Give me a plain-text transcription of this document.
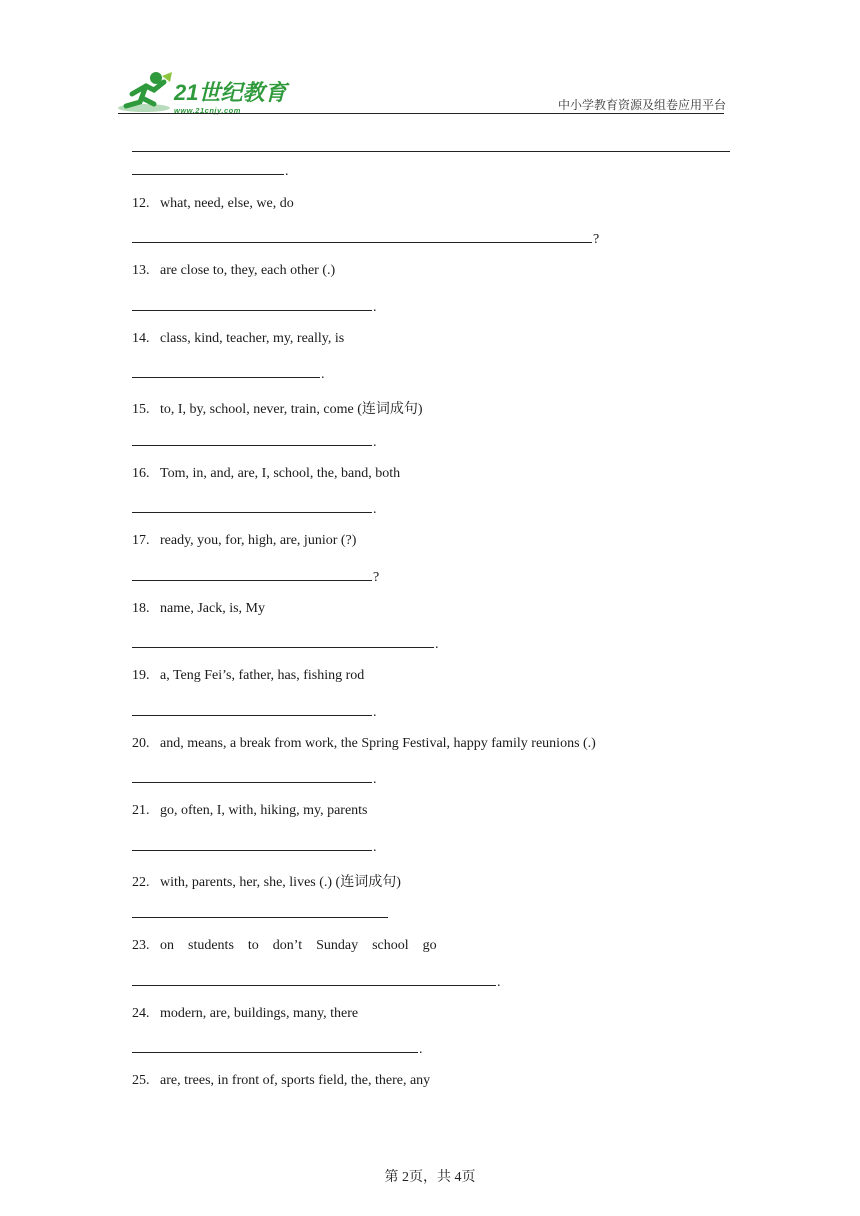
21世纪教育
www.21cnjy.com	中小学教育资源及组卷应用平台
.
12. what, need, else, we, do
?
13. are close to, they, each other (.)
.
14. class, kind, teacher, my, really, is
.
15. to, I, by, school, never, train, come (连词成句)
.
16. Tom, in, and, are, I, school, the, band, both
.
17. ready, you, for, high, are, junior (?)
?
18. name, Jack, is, My
.
19. a, Teng Fei’s, father, has, fishing rod
.
20. and, means, a break from work, the Spring Festival, happy family reunions (.)
.
21. go, often, I, with, hiking, my, parents
.
22. with, parents, her, she, lives (.) (连词成句)
23. on students to don’t Sunday school go
.
24. modern, are, buildings, many, there
.
25. are, trees, in front of, sports field, the, there, any
第 2页，共 4页
